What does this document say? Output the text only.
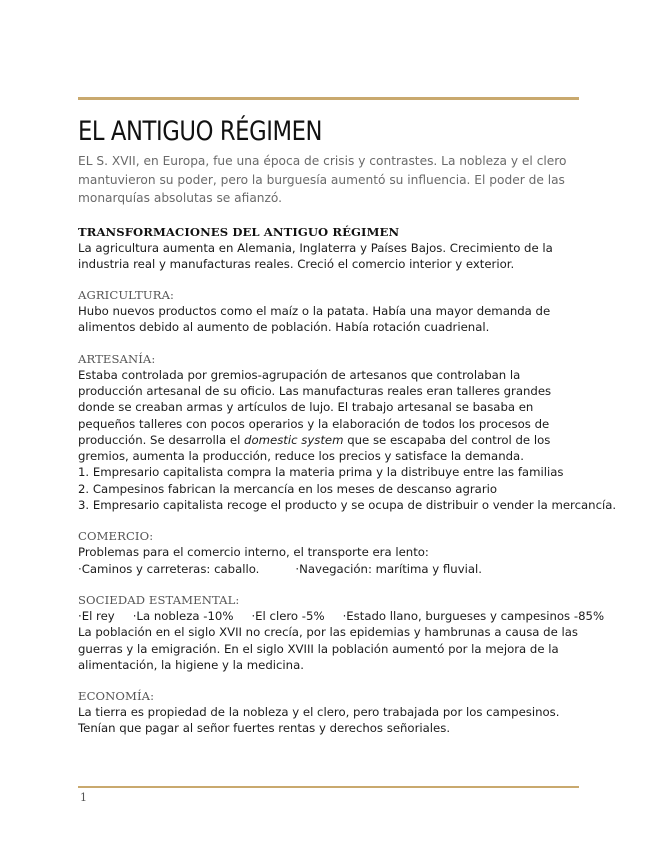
EL ANTIGUO RÉGIMEN

EL S. XVII, en Europa, fue una época de crisis y contrastes. La nobleza y el clero mantuvieron su poder, pero la burguesía aumentó su influencia. El poder de las monarquías absolutas se afianzó.

TRANSFORMACIONES DEL ANTIGUO RÉGIMEN

La agricultura aumenta en Alemania, Inglaterra y Países Bajos. Crecimiento de la industria real y manufacturas reales. Creció el comercio interior y exterior.

AGRICULTURA:

Hubo nuevos productos como el maíz o la patata. Había una mayor demanda de alimentos debido al aumento de población. Había rotación cuadrienal.

ARTESANÍA:

Estaba controlada por gremios-agrupación de artesanos que controlaban la producción artesanal de su oficio. Las manufacturas reales eran talleres grandes donde se creaban armas y artículos de lujo. El trabajo artesanal se basaba en pequeños talleres con pocos operarios y la elaboración de todos los procesos de producción. Se desarrolla el domestic system que se escapaba del control de los gremios, aumenta la producción, reduce los precios y satisface la demanda.

1. Empresario capitalista compra la materia prima y la distribuye entre las familias

2. Campesinos fabrican la mercancía en los meses de descanso agrario

3. Empresario capitalista recoge el producto y se ocupa de distribuir o vender la mercancía.

COMERCIO:

Problemas para el comercio interno, el transporte era lento:

·Caminos y carreteras: caballo.	·Navegación: marítima y fluvial.

SOCIEDAD ESTAMENTAL:

·El rey ·La nobleza -10% ·El clero -5% ·Estado llano, burgueses y campesinos -85%

La población en el siglo XVII no crecía, por las epidemias y hambrunas a causa de las guerras y la emigración. En el siglo XVIII la población aumentó por la mejora de la alimentación, la higiene y la medicina.

ECONOMÍA:

La tierra es propiedad de la nobleza y el clero, pero trabajada por los campesinos.

Tenían que pagar al señor fuertes rentas y derechos señoriales.

1
